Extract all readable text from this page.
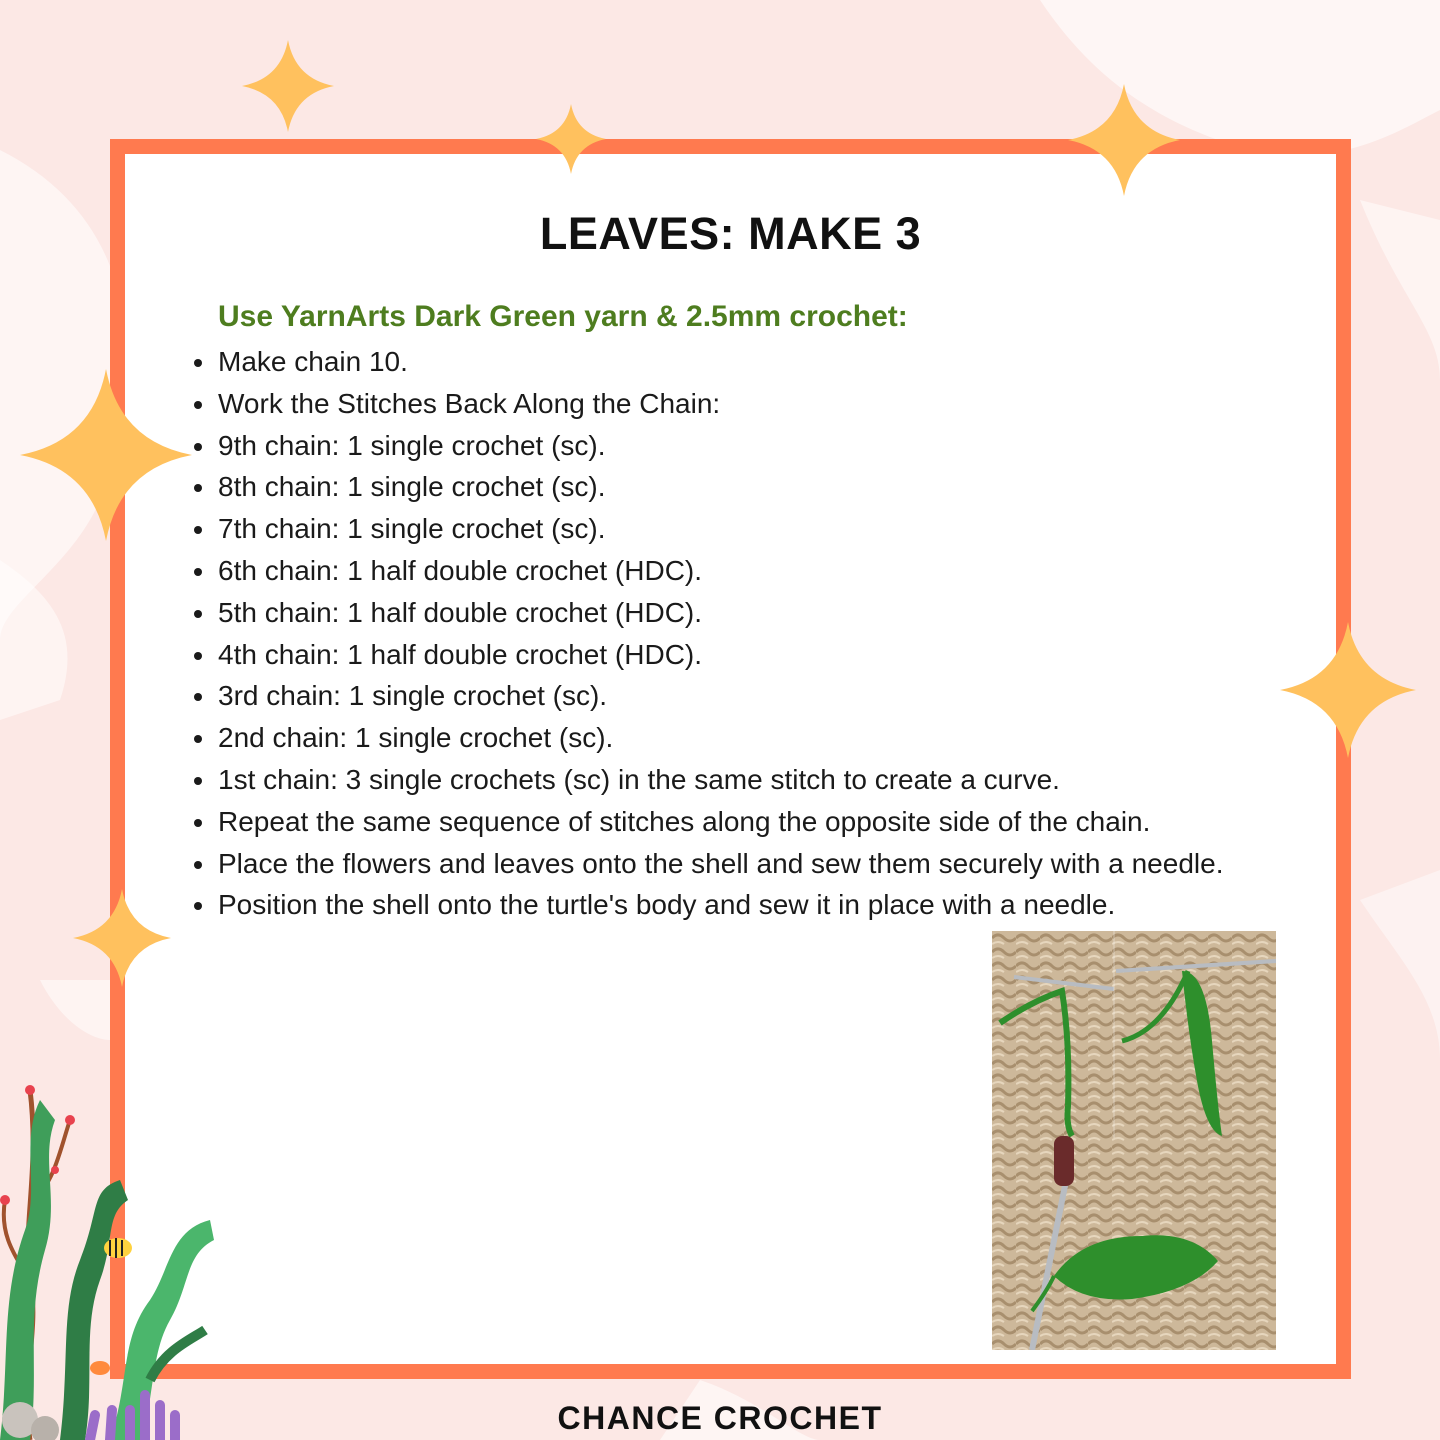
LEAVES: MAKE 3

Use YarnArts Dark Green yarn & 2.5mm crochet:

Make chain 10.
Work the Stitches Back Along the Chain:
9th chain: 1 single crochet (sc).
8th chain: 1 single crochet (sc).
7th chain: 1 single crochet (sc).
6th chain: 1 half double crochet (HDC).
5th chain: 1 half double crochet (HDC).
4th chain: 1 half double crochet (HDC).
3rd chain: 1 single crochet (sc).
2nd chain: 1 single crochet (sc).
1st chain: 3 single crochets (sc) in the same stitch to create a curve.
Repeat the same sequence of stitches along the opposite side of the chain.
Place the flowers and leaves onto the shell and sew them securely with a needle.
Position the shell onto the turtle's body and sew it in place with a needle.

CHANCE CROCHET
